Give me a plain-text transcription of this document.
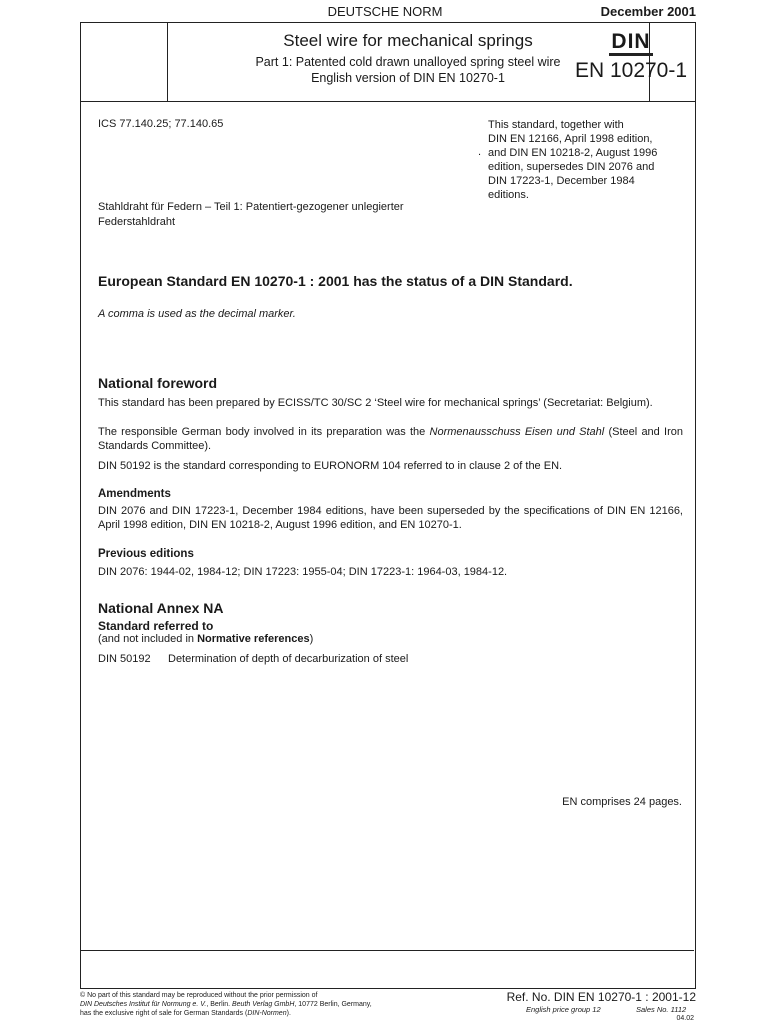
DEUTSCHE NORM	December 2001
Steel wire for mechanical springs
Part 1: Patented cold drawn unalloyed spring steel wire
English version of DIN EN 10270-1
DIN
EN 10270-1
ICS 77.140.25; 77.140.65
.
This standard, together with
DIN EN 12166, April 1998 edition,
and DIN EN 10218-2, August 1996
edition, supersedes DIN 2076 and
DIN 17223-1, December 1984
editions.
Stahldraht für Federn – Teil 1: Patentiert-gezogener unlegierter Federstahldraht
European Standard EN 10270-1 : 2001 has the status of a DIN Standard.
A comma is used as the decimal marker.
National foreword
This standard has been prepared by ECISS/TC 30/SC 2 ‘Steel wire for mechanical springs’ (Secretariat: Belgium).
The responsible German body involved in its preparation was the Normenausschuss Eisen und Stahl (Steel and Iron Standards Committee).
DIN 50192 is the standard corresponding to EURONORM 104 referred to in clause 2 of the EN.
Amendments
DIN 2076 and DIN 17223-1, December 1984 editions, have been superseded by the specifications of DIN EN 12166, April 1998 edition, DIN EN 10218-2, August 1996 edition, and EN 10270-1.
Previous editions
DIN 2076: 1944-02, 1984-12; DIN 17223: 1955-04; DIN 17223-1: 1964-03, 1984-12.
National Annex NA
Standard referred to
(and not included in Normative references)
DIN 50192 Determination of depth of decarburization of steel
EN comprises 24 pages.
© No part of this standard may be reproduced without the prior permission of
DIN Deutsches Institut für Normung e. V., Berlin. Beuth Verlag GmbH, 10772 Berlin, Germany,
has the exclusive right of sale for German Standards (DIN-Normen).
Ref. No. DIN EN 10270-1 : 2001-12
English price group 12	Sales No. 1112
04.02
